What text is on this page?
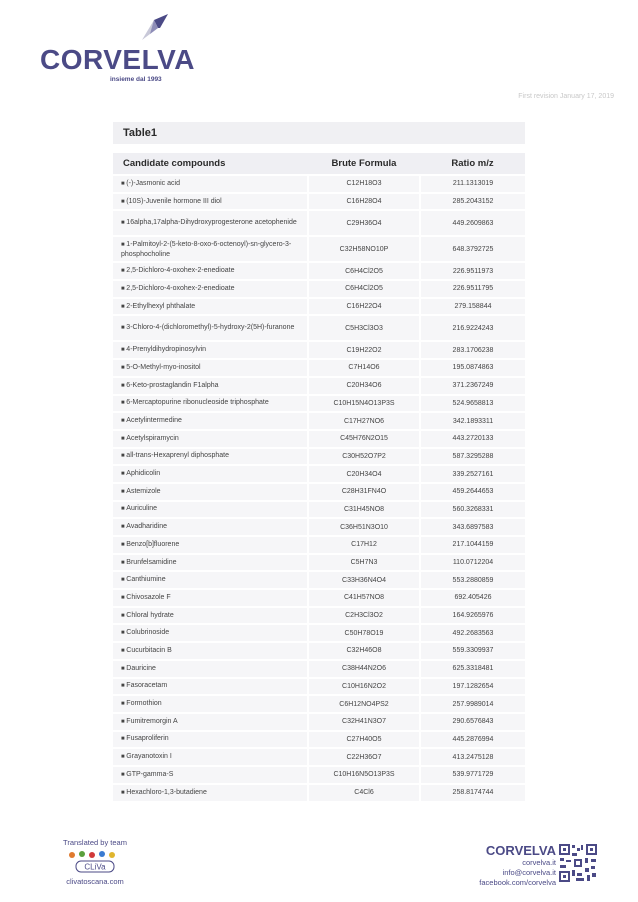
CORVELVA
insieme dal 1993
First revision January 17, 2019
Table1
Candidate compounds	Brute Formula	Ratio m/z
■ (-)-Jasmonic acid	C12H18O3	211.1313019
■ (10S)-Juvenile hormone III diol	C16H28O4	285.2043152
■ 16alpha,17alpha-Dihydroxyprogesterone acetophenide	C29H36O4	449.2609863
■ 1-Palmitoyl-2-(5-keto-8-oxo-6-octenoyl)-sn-glycero-3-phosphocholine	C32H58NO10P	648.3792725
■ 2,5-Dichloro-4-oxohex-2-enedioate	C6H4Cl2O5	226.9511973
■ 2,5-Dichloro-4-oxohex-2-enedioate	C6H4Cl2O5	226.9511795
■ 2-Ethylhexyl phthalate	C16H22O4	279.158844
■ 3-Chloro-4-(dichloromethyl)-5-hydroxy-2(5H)-furanone	C5H3Cl3O3	216.9224243
■ 4-Prenyldihydropinosylvin	C19H22O2	283.1706238
■ 5-O-Methyl-myo-inositol	C7H14O6	195.0874863
■ 6-Keto-prostaglandin F1alpha	C20H34O6	371.2367249
■ 6-Mercaptopurine ribonucleoside triphosphate	C10H15N4O13P3S	524.9658813
■ Acetylintermedine	C17H27NO6	342.1893311
■ Acetylspiramycin	C45H76N2O15	443.2720133
■ all-trans-Hexaprenyl diphosphate	C30H52O7P2	587.3295288
■ Aphidicolin	C20H34O4	339.2527161
■ Astemizole	C28H31FN4O	459.2644653
■ Auriculine	C31H45NO8	560.3268331
■ Avadharidine	C36H51N3O10	343.6897583
■ Benzo[b]fluorene	C17H12	217.1044159
■ Brunfelsamidine	C5H7N3	110.0712204
■ Canthiumine	C33H36N4O4	553.2880859
■ Chivosazole F	C41H57NO8	692.405426
■ Chloral hydrate	C2H3Cl3O2	164.9265976
■ Colubrinoside	C50H78O19	492.2683563
■ Cucurbitacin B	C32H46O8	559.3309937
■ Dauricine	C38H44N2O6	625.3318481
■ Fasoracetam	C10H16N2O2	197.1282654
■ Formothion	C6H12NO4PS2	257.9989014
■ Fumitremorgin A	C32H41N3O7	290.6576843
■ Fusaproliferin	C27H40O5	445.2876994
■ Grayanotoxin I	C22H36O7	413.2475128
■ GTP-gamma-S	C10H16N5O13P3S	539.9771729
■ Hexachloro-1,3-butadiene	C4Cl6	258.8174744
Translated by team
CLiVa
clivatoscana.com
CORVELVA
corvelva.it
info@corvelva.it
facebook.com/corvelva
